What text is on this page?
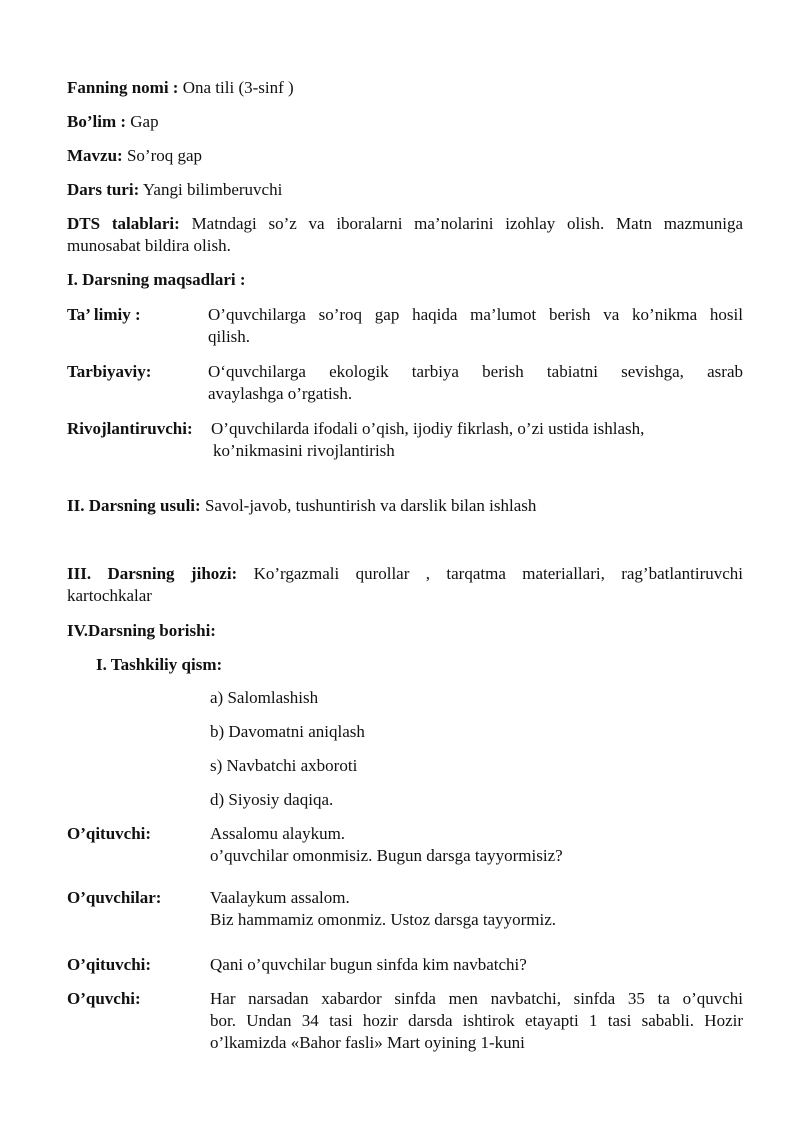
Fanning nomi : Ona tili (3-sinf )
Bo’lim : Gap
Mavzu: So’roq gap
Dars turi: Yangi bilimberuvchi
DTS talablari: Matndagi so’z va iboralarni ma’nolarini izohlay olish. Matn mazmuniga
munosabat bildira olish.
I. Darsning maqsadlari :
Ta’ limiy :	O’quvchilarga so’roq gap haqida ma’lumot berish va ko’nikma hosil
qilish.
Tarbiyaviy:	O‘quvchilarga ekologik tarbiya berish tabiatni sevishga, asrab
avaylashga o’rgatish.
Rivojlantiruvchi: O’quvchilarda ifodali o’qish, ijodiy fikrlash, o’zi ustida ishlash,
ko’nikmasini rivojlantirish
II. Darsning usuli: Savol-javob, tushuntirish va darslik bilan ishlash
III. Darsning jihozi: Ko’rgazmali qurollar , tarqatma materiallari, rag’batlantiruvchi
kartochkalar
IV.Darsning borishi:
I. Tashkiliy qism:
a) Salomlashish
b) Davomatni aniqlash
s) Navbatchi axboroti
d) Siyosiy daqiqa.
O’qituvchi:	Assalomu alaykum.
o’quvchilar omonmisiz. Bugun darsga tayyormisiz?
O’quvchilar:	Vaalaykum assalom.
Biz hammamiz omonmiz. Ustoz darsga tayyormiz.
O’qituvchi:	Qani o’quvchilar bugun sinfda kim navbatchi?
O’quvchi:	Har narsadan xabardor sinfda men navbatchi, sinfda 35 ta o’quvchi
bor. Undan 34 tasi hozir darsda ishtirok etayapti 1 tasi sababli. Hozir
o’lkamizda «Bahor fasli» Mart oyining 1-kuni
